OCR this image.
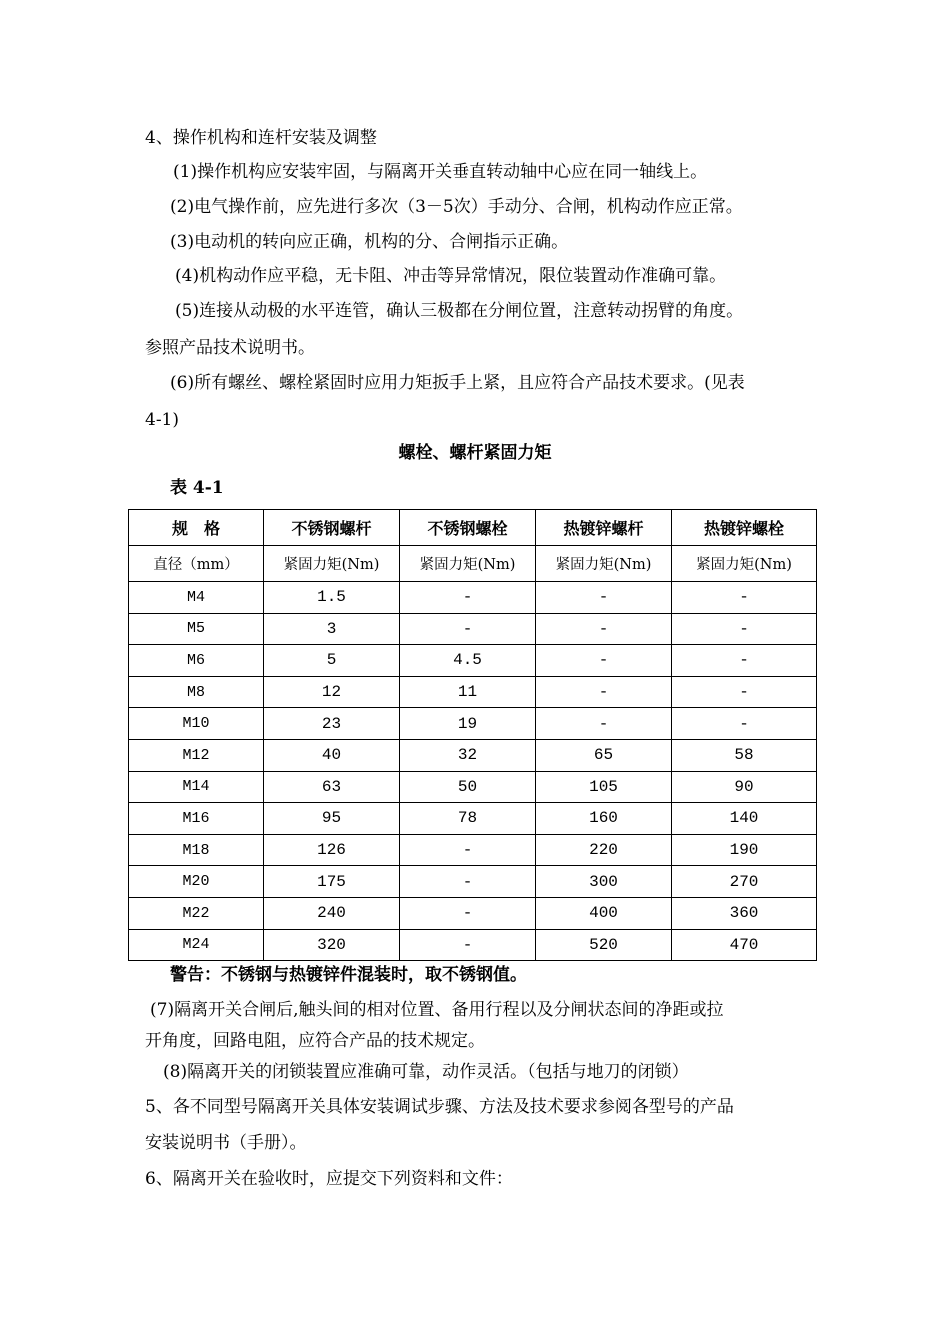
4、操作机构和连杆安装及调整
(1)操作机构应安装牢固，与隔离开关垂直转动轴中心应在同一轴线上。
(2)电气操作前，应先进行多次（3－5次）手动分、合闸，机构动作应正常。
(3)电动机的转向应正确，机构的分、合闸指示正确。
(4)机构动作应平稳，无卡阻、冲击等异常情况，限位装置动作准确可靠。
(5)连接从动极的水平连管，确认三极都在分闸位置，注意转动拐臂的角度。
参照产品技术说明书。
(6)所有螺丝、螺栓紧固时应用力矩扳手上紧，且应符合产品技术要求。(见表
4-1)
螺栓、螺杆紧固力矩
表 4-1
规　格	不锈钢螺杆	不锈钢螺栓	热镀锌螺杆	热镀锌螺栓
直径（mm）	紧固力矩(Nm)	紧固力矩(Nm)	紧固力矩(Nm)	紧固力矩(Nm)
M4	1.5	-	-	-
M5	3	-	-	-
M6	5	4.5	-	-
M8	12	11	-	-
M10	23	19	-	-
M12	40	32	65	58
M14	63	50	105	90
M16	95	78	160	140
M18	126	-	220	190
M20	175	-	300	270
M22	240	-	400	360
M24	320	-	520	470
警告：不锈钢与热镀锌件混装时，取不锈钢值。
(7)隔离开关合闸后,触头间的相对位置、备用行程以及分闸状态间的净距或拉
开角度，回路电阻，应符合产品的技术规定。
(8)隔离开关的闭锁装置应准确可靠，动作灵活。（包括与地刀的闭锁）
5、各不同型号隔离开关具体安装调试步骤、方法及技术要求参阅各型号的产品
安装说明书（手册）。
6、隔离开关在验收时，应提交下列资料和文件：
